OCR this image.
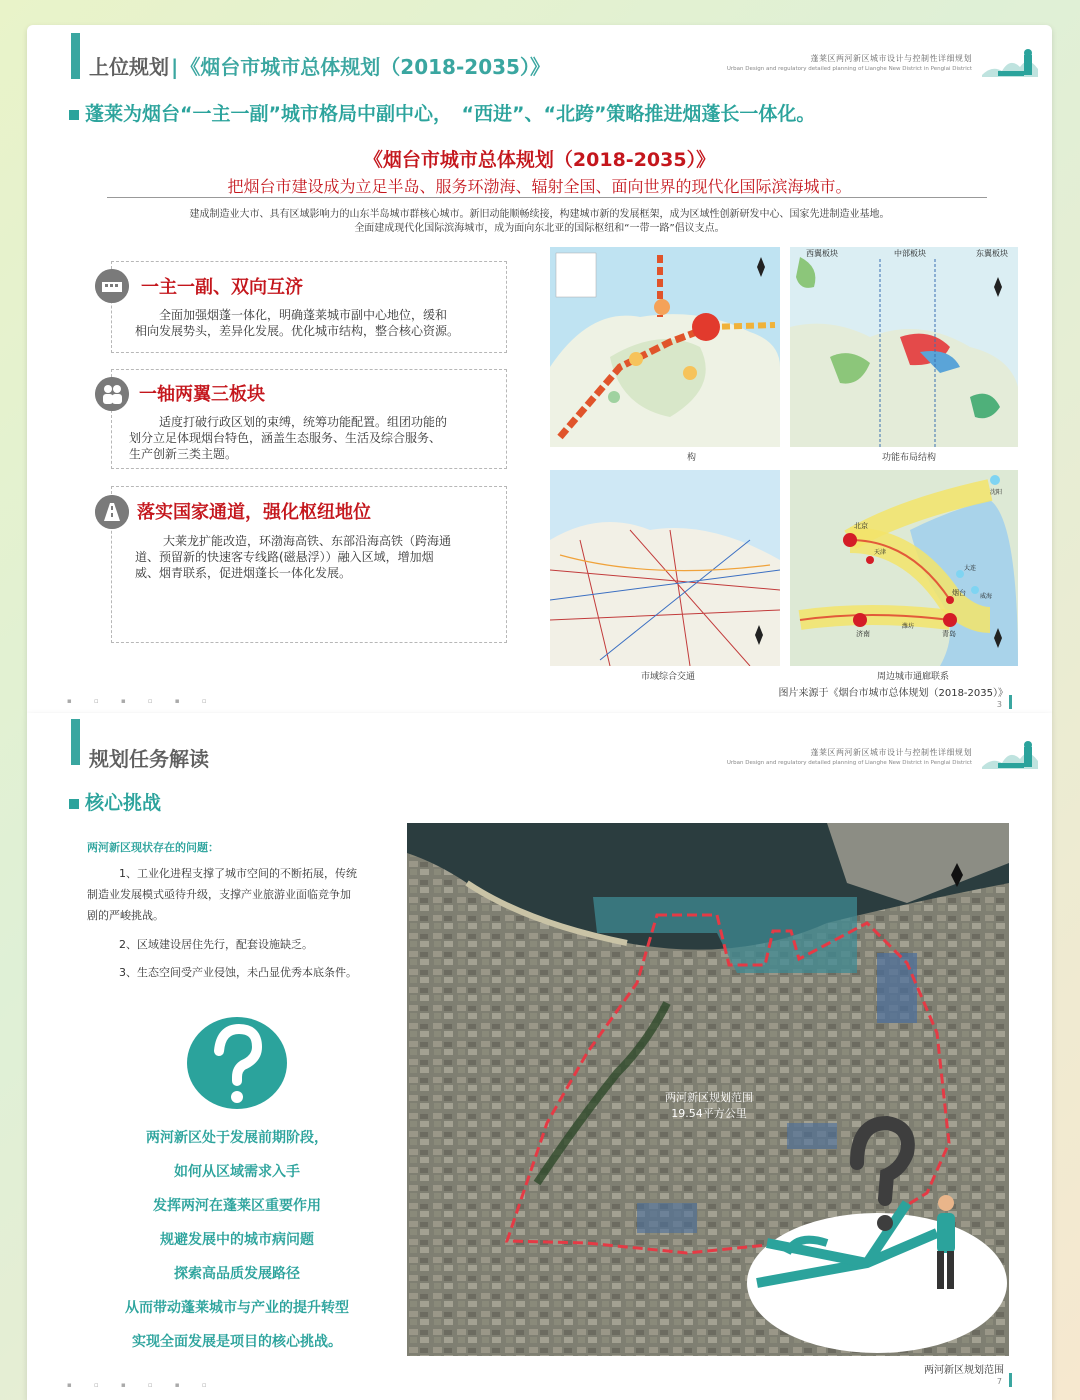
上位规划 | 《烟台市城市总体规划（2018-2035）》	蓬莱区两河新区城市设计与控制性详细规划
Urban Design and regulatory detailed planning of Lianghe New District in Penglai District
蓬莱为烟台“一主一副”城市格局中副中心，　“西进”、“北跨”策略推进烟蓬长一体化。
《烟台市城市总体规划（2018-2035）》
把烟台市建设成为立足半岛、服务环渤海、辐射全国、面向世界的现代化国际滨海城市。
建成制造业大市、具有区域影响力的山东半岛城市群核心城市。新旧动能顺畅续接，构建城市新的发展框架，成为区域性创新研发中心、国家先进制造业基地。
全面建成现代化国际滨海城市，成为面向东北亚的国际枢纽和“一带一路”倡议支点。
一主一副、双向互济
全面加强烟蓬一体化，明确蓬莱城市副中心地位，缓和
相向发展势头，差异化发展。优化城市结构，整合核心资源。
一轴两翼三板块
适度打破行政区划的束缚，统筹功能配置。组团功能的
划分立足体现烟台特色，涵盖生态服务、生活及综合服务、
生产创新三类主题。
落实国家通道，强化枢纽地位
大莱龙扩能改造，环渤海高铁、东部沿海高铁（跨海通
道、预留新的快速客专线路(磁悬浮））融入区域，增加烟
威、烟青联系，促进烟蓬长一体化发展。
构
西翼板块	中部板块	东翼板块
功能布局结构
市域综合交通
北京
天津
济南
潍坊
烟台
青岛
大连
威海
沈阳
周边城市通廊联系
图片来源于《烟台市城市总体规划（2018-2035）》
3
▪ ▫ ▪ ▫ ▪ ▫
规划任务解读	蓬莱区两河新区城市设计与控制性详细规划
Urban Design and regulatory detailed planning of Lianghe New District in Penglai District
核心挑战
两河新区现状存在的问题：
1、工业化进程支撑了城市空间的不断拓展，传统
制造业发展模式亟待升级，支撑产业旅游业面临竞争加
剧的严峻挑战。
2、区域建设居住先行，配套设施缺乏。
3、生态空间受产业侵蚀，未凸显优秀本底条件。
两河新区处于发展前期阶段，
如何从区域需求入手
发挥两河在蓬莱区重要作用
规避发展中的城市病问题
探索高品质发展路径
从而带动蓬莱城市与产业的提升转型
实现全面发展是项目的核心挑战。
两河新区规划范围
19.54平方公里
两河新区规划范围
7
▪ ▫ ▪ ▫ ▪ ▫
